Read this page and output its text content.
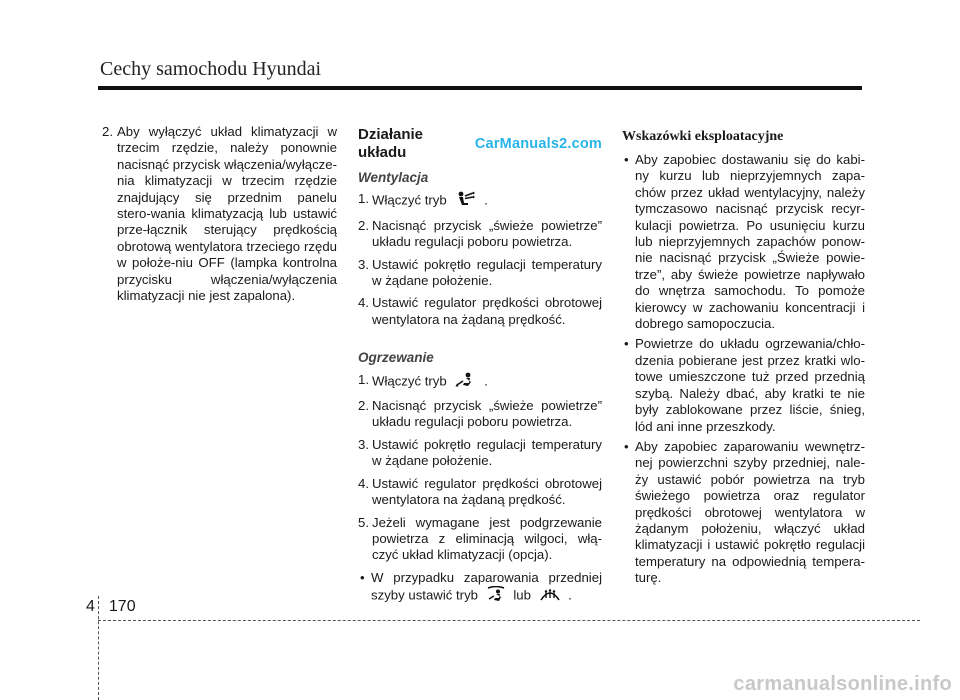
Cechy samochodu Hyundai
2. Aby wyłączyć układ klimatyzacji w trzecim rzędzie, należy ponownie nacisnąć przycisk włączenia/wyłącze-nia klimatyzacji w trzecim rzędzie znajdujący się przednim panelu stero-wania klimatyzacją lub ustawić prze-łącznik sterujący prędkością obrotową wentylatora trzeciego rzędu w położe-niu OFF (lampka kontrolna przycisku włączenia/wyłączenia klimatyzacji nie jest zapalona).
Działanie układu	CarManuals2.com
Wentylacja
1. Włączyć tryb	.
2. Nacisnąć przycisk „świeże powietrze” układu regulacji poboru powietrza.
3. Ustawić pokrętło regulacji temperatury w żądane położenie.
4. Ustawić regulator prędkości obrotowej wentylatora na żądaną prędkość.
Ogrzewanie
1. Włączyć tryb	.
2. Nacisnąć przycisk „świeże powietrze” układu regulacji poboru powietrza.
3. Ustawić pokrętło regulacji temperatury w żądane położenie.
4. Ustawić regulator prędkości obrotowej wentylatora na żądaną prędkość.
5. Jeżeli wymagane jest podgrzewanie powietrza z eliminacją wilgoci, włą-czyć układ klimatyzacji (opcja).
• W przypadku zaparowania przedniej szyby ustawić tryb	lub	.
Wskazówki eksploatacyjne
• Aby zapobiec dostawaniu się do kabi-ny kurzu lub nieprzyjemnych zapa-chów przez układ wentylacyjny, należy tymczasowo nacisnąć przycisk recyr-kulacji powietrza. Po usunięciu kurzu lub nieprzyjemnych zapachów ponow-nie nacisnąć przycisk „Świeże powie-trze”, aby świeże powietrze napływało do wnętrza samochodu. To pomoże kierowcy w zachowaniu koncentracji i dobrego samopoczucia.
• Powietrze do układu ogrzewania/chło-dzenia pobierane jest przez kratki wlo-towe umieszczone tuż przed przednią szybą. Należy dbać, aby kratki te nie były zablokowane przez liście, śnieg, lód ani inne przeszkody.
• Aby zapobiec zaparowaniu wewnętrz-nej powierzchni szyby przedniej, nale-ży ustawić pobór powietrza na tryb świeżego powietrza oraz regulator prędkości obrotowej wentylatora w żądanym położeniu, włączyć układ klimatyzacji i ustawić pokrętło regulacji temperatury na odpowiednią tempera-turę.
4 170
carmanualsonline.info
